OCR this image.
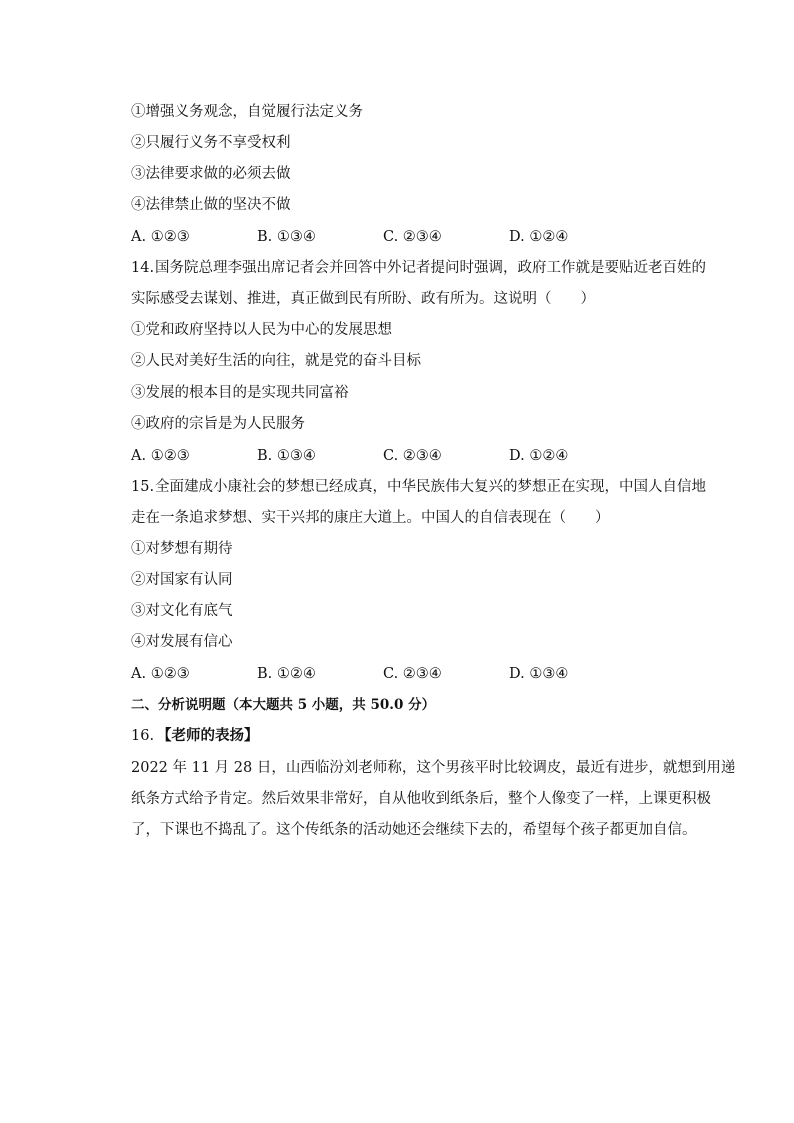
①增强义务观念，自觉履行法定义务
②只履行义务不享受权利
③法律要求做的必须去做
④法律禁止做的坚决不做
A. ①②③	B. ①③④	C. ②③④	D. ①②④
14.国务院总理李强出席记者会并回答中外记者提问时强调，政府工作就是要贴近老百姓的
实际感受去谋划、推进，真正做到民有所盼、政有所为。这说明（　　）
①党和政府坚持以人民为中心的发展思想
②人民对美好生活的向往，就是党的奋斗目标
③发展的根本目的是实现共同富裕
④政府的宗旨是为人民服务
A. ①②③	B. ①③④	C. ②③④	D. ①②④
15.全面建成小康社会的梦想已经成真，中华民族伟大复兴的梦想正在实现，中国人自信地
走在一条追求梦想、实干兴邦的康庄大道上。中国人的自信表现在（　　）
①对梦想有期待
②对国家有认同
③对文化有底气
④对发展有信心
A. ①②③	B. ①②④	C. ②③④	D. ①③④
二、分析说明题（本大题共 5 小题，共 50.0 分）
16. 【老师的表扬】
2022 年 11 月 28 日，山西临汾刘老师称，这个男孩平时比较调皮，最近有进步，就想到用递
纸条方式给予肯定。然后效果非常好，自从他收到纸条后，整个人像变了一样，上课更积极
了，下课也不捣乱了。这个传纸条的活动她还会继续下去的，希望每个孩子都更加自信。
